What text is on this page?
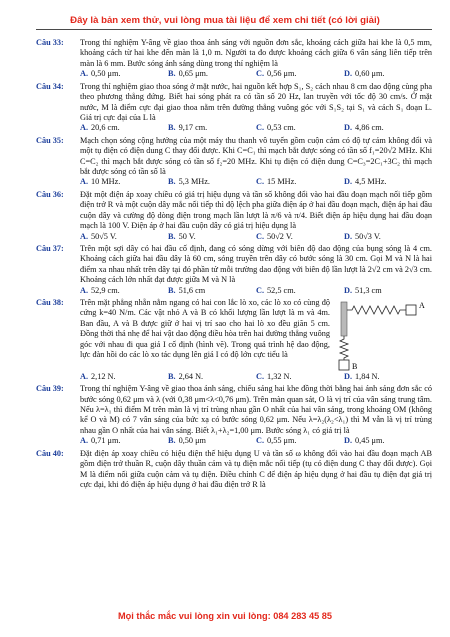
Đây là bản xem thử, vui lòng mua tài liệu để xem chi tiết (có lời giải)
Câu 33: Trong thí nghiệm Y-âng về giao thoa ánh sáng với nguồn đơn sắc, khoảng cách giữa hai khe là 0,5 mm, khoảng cách từ hai khe đến màn là 1,0 m. Người ta đo được khoảng cách giữa 6 vân sáng liên tiếp trên màn là 6 mm. Bước sóng ánh sáng dùng trong thí nghiệm là
A. 0,50 μm.	B. 0,65 μm.	C. 0,56 μm.	D. 0,60 μm.
Câu 34: Trong thí nghiệm giao thoa sóng ở mặt nước, hai nguồn kết hợp S₁, S₂ cách nhau 8 cm dao động cùng pha theo phương thẳng đứng. Biết hai sóng phát ra có tần số 20 Hz, lan truyền với tốc độ 30 cm/s. Ở mặt nước, M là điểm cực đại giao thoa nằm trên đường thẳng vuông góc với S₁S₂ tại S₁ và cách S₁ đoạn L. Giá trị cực đại của L là
A. 20,6 cm.	B. 9,17 cm.	C. 0,53 cm.	D. 4,86 cm.
Câu 35: Mạch chọn sóng cộng hưởng của một máy thu thanh vô tuyến gồm cuộn cảm có độ tự cảm không đổi và một tụ điện có điện dung C thay đổi được. Khi C=C₁ thì mạch bắt được sóng có tần số f₁=20√2 MHz. Khi C=C₂ thì mạch bắt được sóng có tần số f₂=20 MHz. Khi tụ điện có điện dung C=C₃=2C₁+3C₂ thì mạch bắt được sóng có tần số là
A. 10 MHz.	B. 5,3 MHz.	C. 15 MHz.	D. 4,5 MHz.
Câu 36: Đặt một điện áp xoay chiều có giá trị hiệu dụng và tần số không đổi vào hai đầu đoạn mạch nối tiếp gồm điện trở R và một cuộn dây mắc nối tiếp thì độ lệch pha giữa điện áp ở hai đầu đoạn mạch, điện áp hai đầu cuộn dây và cường độ dòng điện trong mạch lần lượt là π/6 và π/4. Biết điện áp hiệu dụng hai đầu đoạn mạch là 100 V. Điện áp ở hai đầu cuộn dây có giá trị hiệu dụng là
A. 50√5 V.	B. 50 V.	C. 50√2 V.	D. 50√3 V.
Câu 37: Trên một sợi dây có hai đầu cố định, đang có sóng dừng với biên độ dao động của bụng sóng là 4 cm. Khoảng cách giữa hai đầu dây là 60 cm, sóng truyền trên dây có bước sóng là 30 cm. Gọi M và N là hai điểm xa nhau nhất trên dây tại đó phần tử mỗi trường dao động với biên độ lần lượt là 2√2 cm và 2√3 cm. Khoảng cách lớn nhất đạt được giữa M và N là
A. 52,9 cm.	B. 51,6 cm	C. 52,5 cm.	D. 51,3 cm
Câu 38: Trên mặt phẳng nhẵn nằm ngang có hai con lắc lò xo, các lò xo có cùng độ cứng k=40 N/m. Các vật nhỏ A và B có khối lượng lần lượt là m và 4m. Ban đầu, A và B được giữ ở hai vị trí sao cho hai lò xo đều giãn 5 cm. Đồng thời thả nhẹ để hai vật dao động điều hòa trên hai đường thẳng vuông góc với nhau đi qua giá I cố định (hình vẽ). Trong quá trình hệ dao động, lực đàn hồi do các lò xo tác dụng lên giá I có độ lớn cực tiểu là
A
B
A. 2,12 N.	B. 2,64 N.	C. 1,32 N.	D. 1,84 N.
Câu 39: Trong thí nghiệm Y-âng về giao thoa ánh sáng, chiếu sáng hai khe đồng thời bằng hai ánh sáng đơn sắc có bước sóng 0,62 μm và λ (với 0,38 μm<λ<0,76 μm). Trên màn quan sát, O là vị trí của vân sáng trung tâm. Nếu λ=λ₁ thì điểm M trên màn là vị trí trùng nhau gần O nhất của hai vân sáng, trong khoảng OM (không kể O và M) có 7 vân sáng của bức xạ có bước sóng 0,62 μm. Nếu λ=λ₂(λ₂<λ₁) thì M vẫn là vị trí trùng nhau gần O nhất của hai vân sáng. Biết λ₁+λ₂=1,00 μm. Bước sóng λ₁ có giá trị là
A. 0,71 μm.	B. 0,50 μm	C. 0,55 μm.	D. 0,45 μm.
Câu 40: Đặt điện áp xoay chiều có hiệu điện thế hiệu dụng U và tần số ω không đổi vào hai đầu đoạn mạch AB gồm điện trở thuần R, cuộn dây thuần cảm và tụ điện mắc nối tiếp (tụ có điện dung C thay đổi được). Gọi M là điểm nối giữa cuộn cảm và tụ điện. Điều chỉnh C để điện áp hiệu dụng ở hai đầu tụ điện đạt giá trị cực đại, khi đó điện áp hiệu dụng ở hai đầu điện trở R là
Mọi thắc mắc vui lòng xin vui lòng: 084 283 45 85
